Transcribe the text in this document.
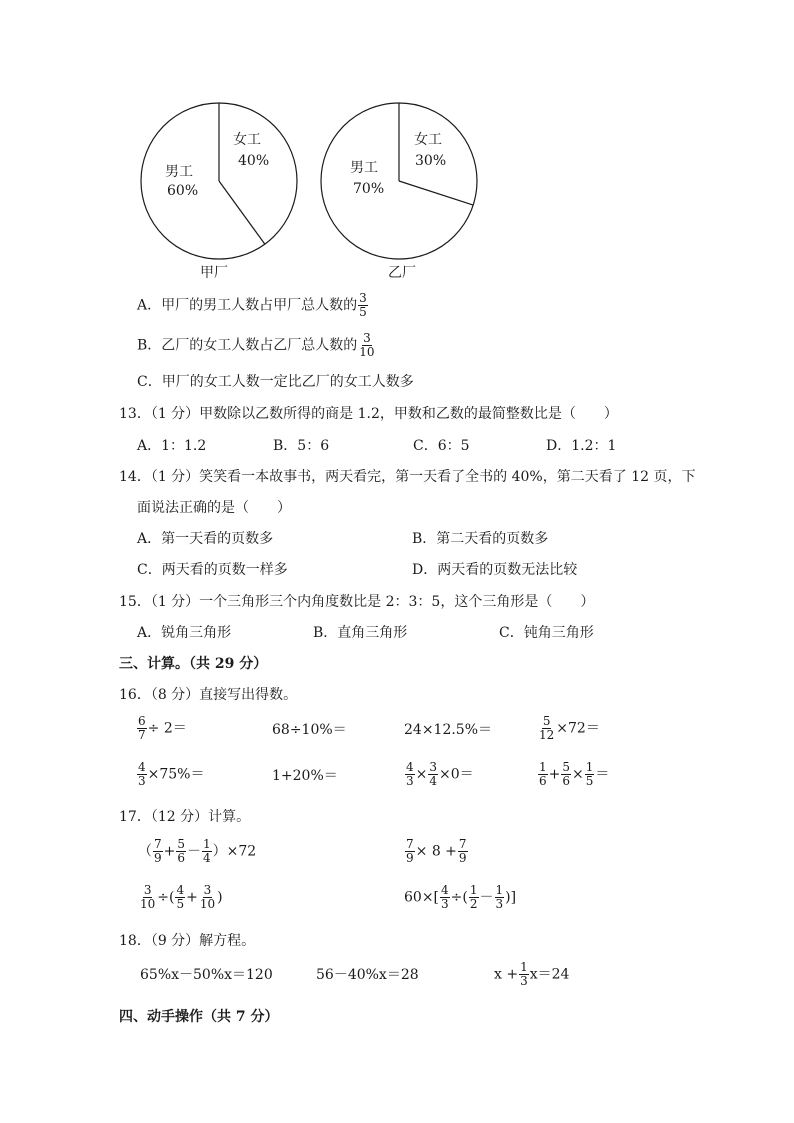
女工
40%
男工
60%
甲厂
女工
30%
男工
70%
乙厂
A．甲厂的男工人数占甲厂总人数的 $\frac{3}{5}$
B．乙厂的女工人数占乙厂总人数的 $\frac{3}{10}$
C．甲厂的女工人数一定比乙厂的女工人数多
13．（1 分）甲数除以乙数所得的商是 1.2，甲数和乙数的最简整数比是（　　）
A．1：1.2	B．5：6	C．6：5	D．1.2：1
14．（1 分）笑笑看一本故事书，两天看完，第一天看了全书的 40%，第二天看了 12 页，下
面说法正确的是（　　）
A．第一天看的页数多	B．第二天看的页数多
C．两天看的页数一样多	D．两天看的页数无法比较
15．（1 分）一个三角形三个内角度数比是 2：3：5，这个三角形是（　　）
A．锐角三角形	B．直角三角形	C．钝角三角形
三、计算。（共 29 分）
16．（8 分）直接写出得数。
$\frac{6}{7} \div 2=$	68÷10%＝	24×12.5%＝	$\frac{5}{12} \times 72=$
$\frac{4}{3} \times 75\%=$	1+20%＝	$\frac{4}{3} \times \frac{3}{4} \times 0=$	$\frac{1}{6} + \frac{5}{6} \times \frac{1}{5}$ ＝
17．（12 分）计算。
（ $\frac{7}{9} + \frac{5}{6} - \frac{1}{4} )\times 72$	$\frac{7}{9} \times 8 + \frac{7}{9}$
$\frac{3}{10}$ ÷( $\frac{4}{5} + \frac{3}{10}$ )	$60\times[ \frac{4}{3}$ ÷( $\frac{1}{2} - \frac{1}{3}$ )]
18．（9 分）解方程。
65%x－50%x＝120	56－40%x＝28	$x + \frac{1}{3} x=24$
四、动手操作（共 7 分）
